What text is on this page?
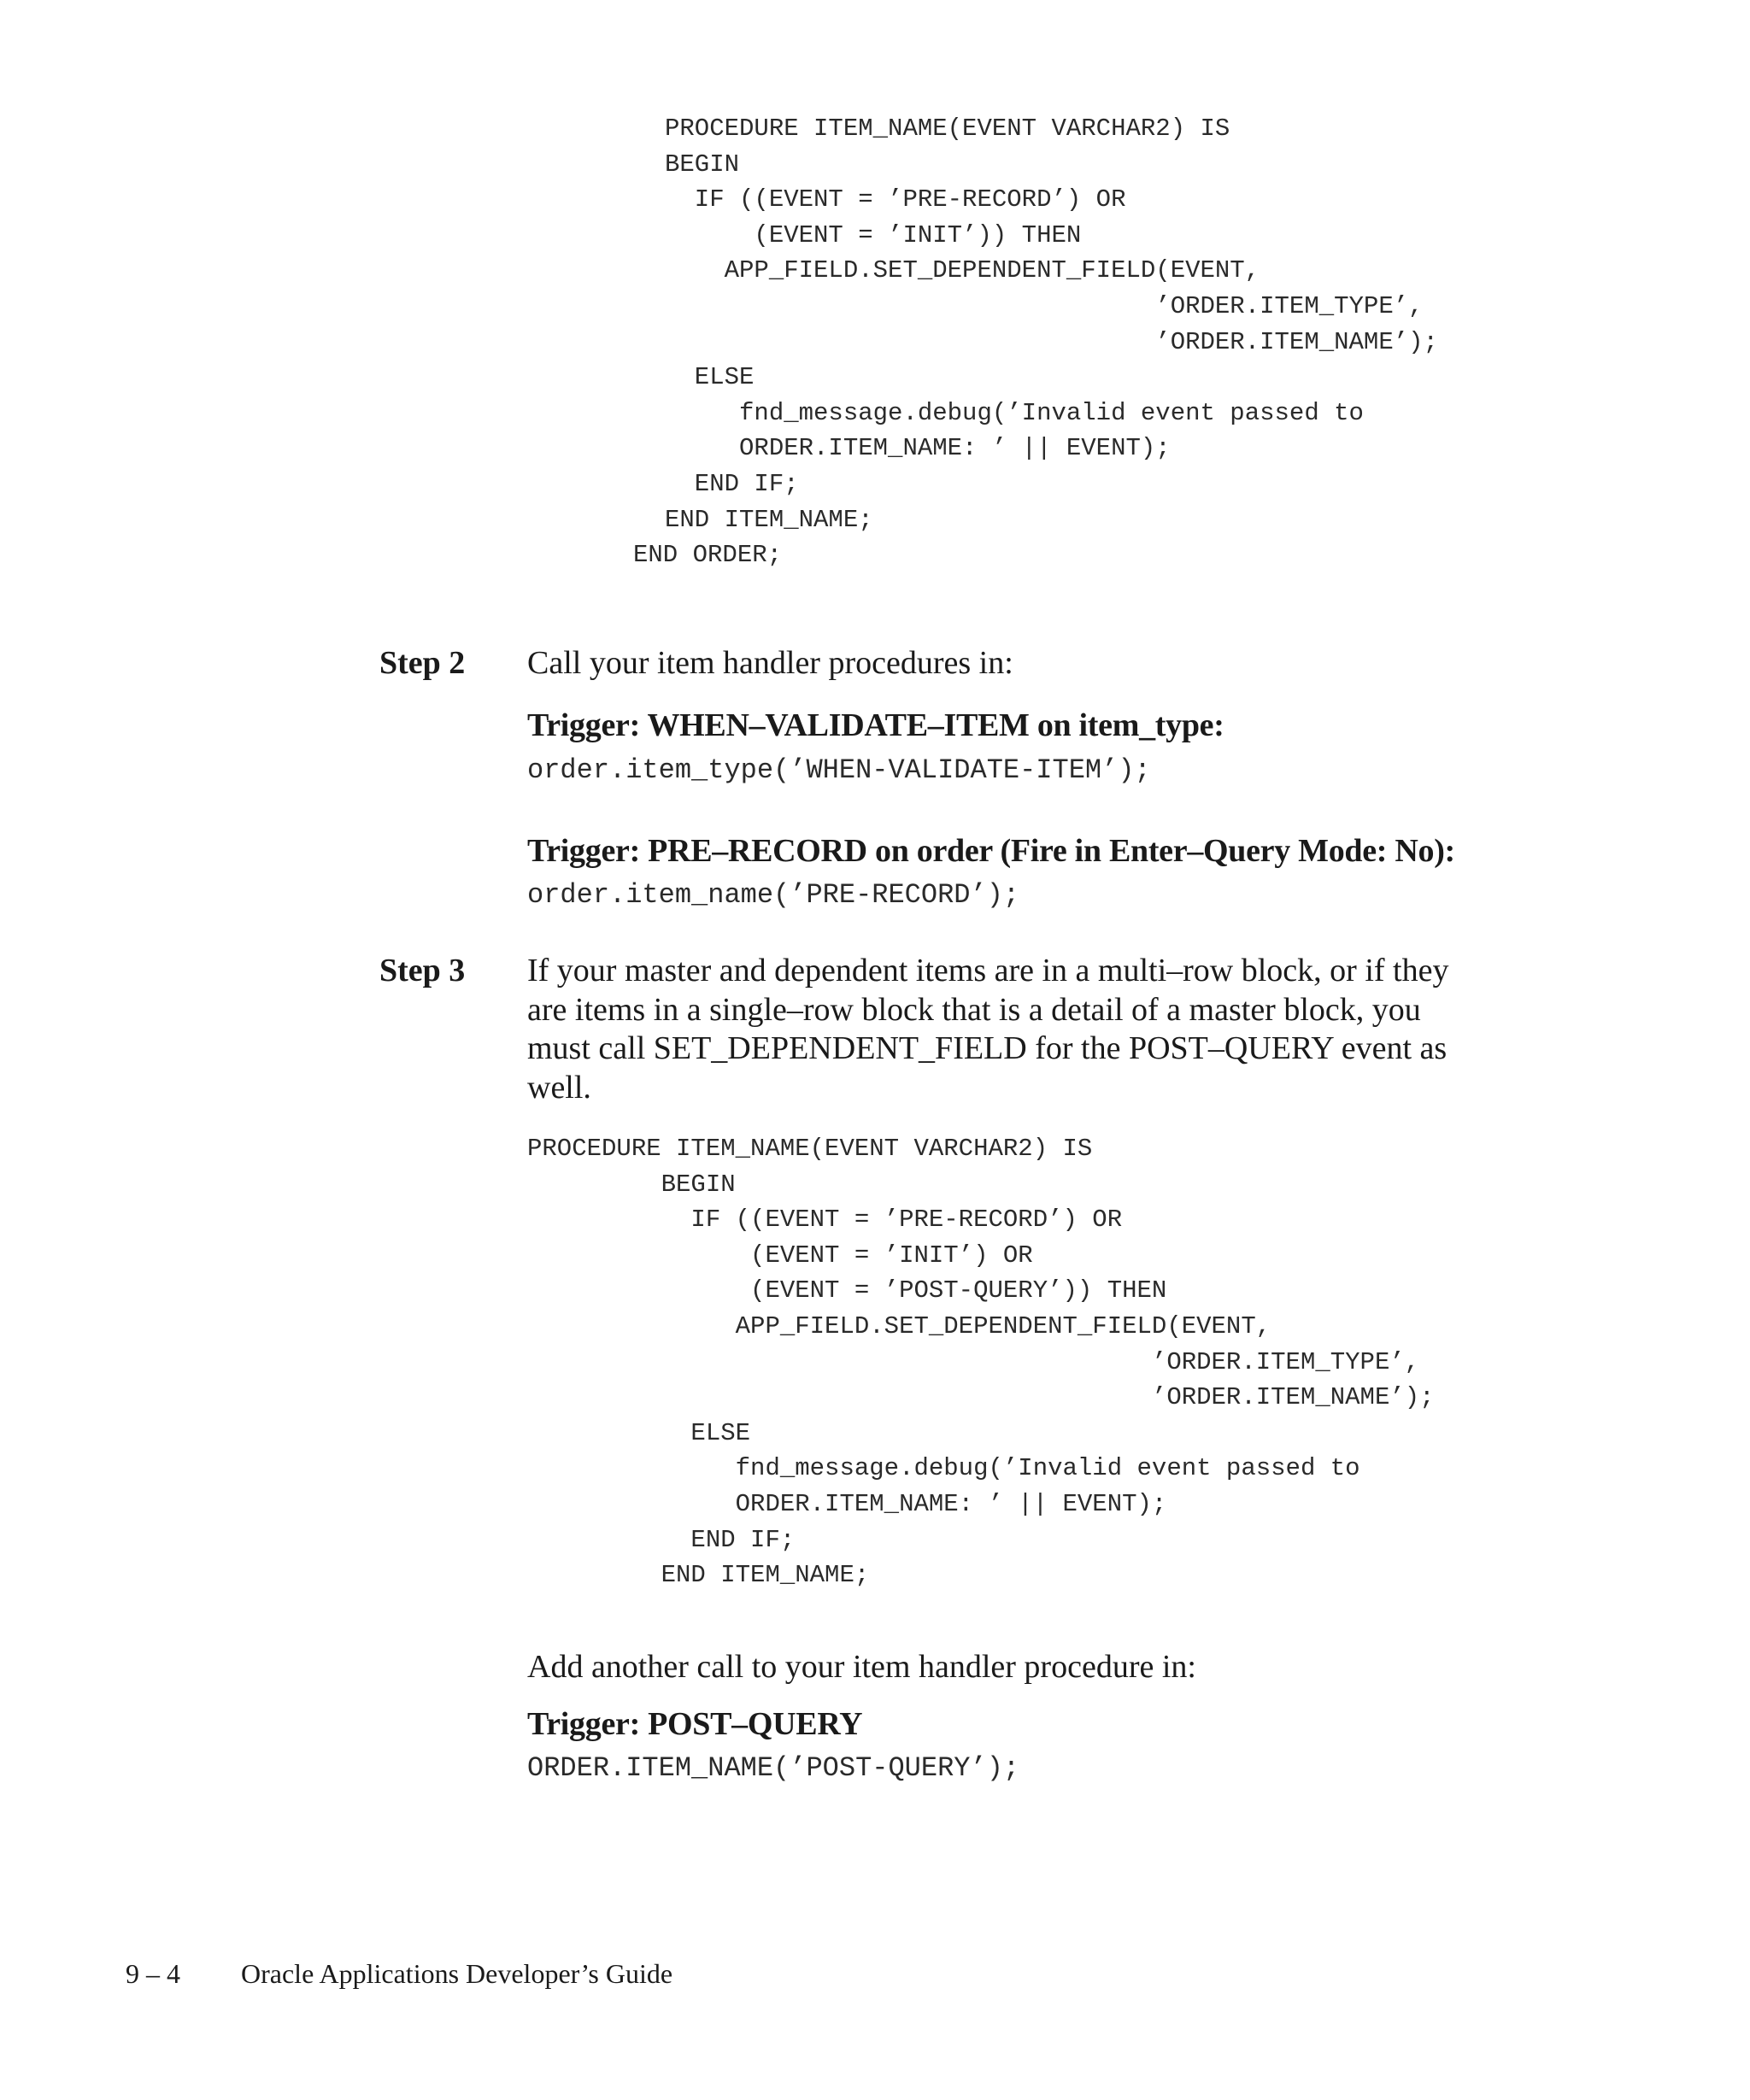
PROCEDURE ITEM_NAME(EVENT VARCHAR2) IS
BEGIN
IF ((EVENT = ’PRE-RECORD’) OR
(EVENT = ’INIT’)) THEN
APP_FIELD.SET_DEPENDENT_FIELD(EVENT,
’ORDER.ITEM_TYPE’,
’ORDER.ITEM_NAME’);
ELSE
fnd_message.debug(’Invalid event passed to
ORDER.ITEM_NAME: ’ || EVENT);
END IF;
END ITEM_NAME;
END ORDER;
Step 2 Call your item handler procedures in:
Trigger: WHEN–VALIDATE–ITEM on item_type:
order.item_type(’WHEN-VALIDATE-ITEM’);
Trigger: PRE–RECORD on order (Fire in Enter–Query Mode: No):
order.item_name(’PRE-RECORD’);
Step 3 If your master and dependent items are in a multi–row block, or if they
are items in a single–row block that is a detail of a master block, you
must call SET_DEPENDENT_FIELD for the POST–QUERY event as
well.
PROCEDURE ITEM_NAME(EVENT VARCHAR2) IS
BEGIN
IF ((EVENT = ’PRE-RECORD’) OR
(EVENT = ’INIT’) OR
(EVENT = ’POST-QUERY’)) THEN
APP_FIELD.SET_DEPENDENT_FIELD(EVENT,
’ORDER.ITEM_TYPE’,
’ORDER.ITEM_NAME’);
ELSE
fnd_message.debug(’Invalid event passed to
ORDER.ITEM_NAME: ’ || EVENT);
END IF;
END ITEM_NAME;
Add another call to your item handler procedure in:
Trigger: POST–QUERY
ORDER.ITEM_NAME(’POST-QUERY’);
9 – 4 Oracle Applications Developer’s Guide
